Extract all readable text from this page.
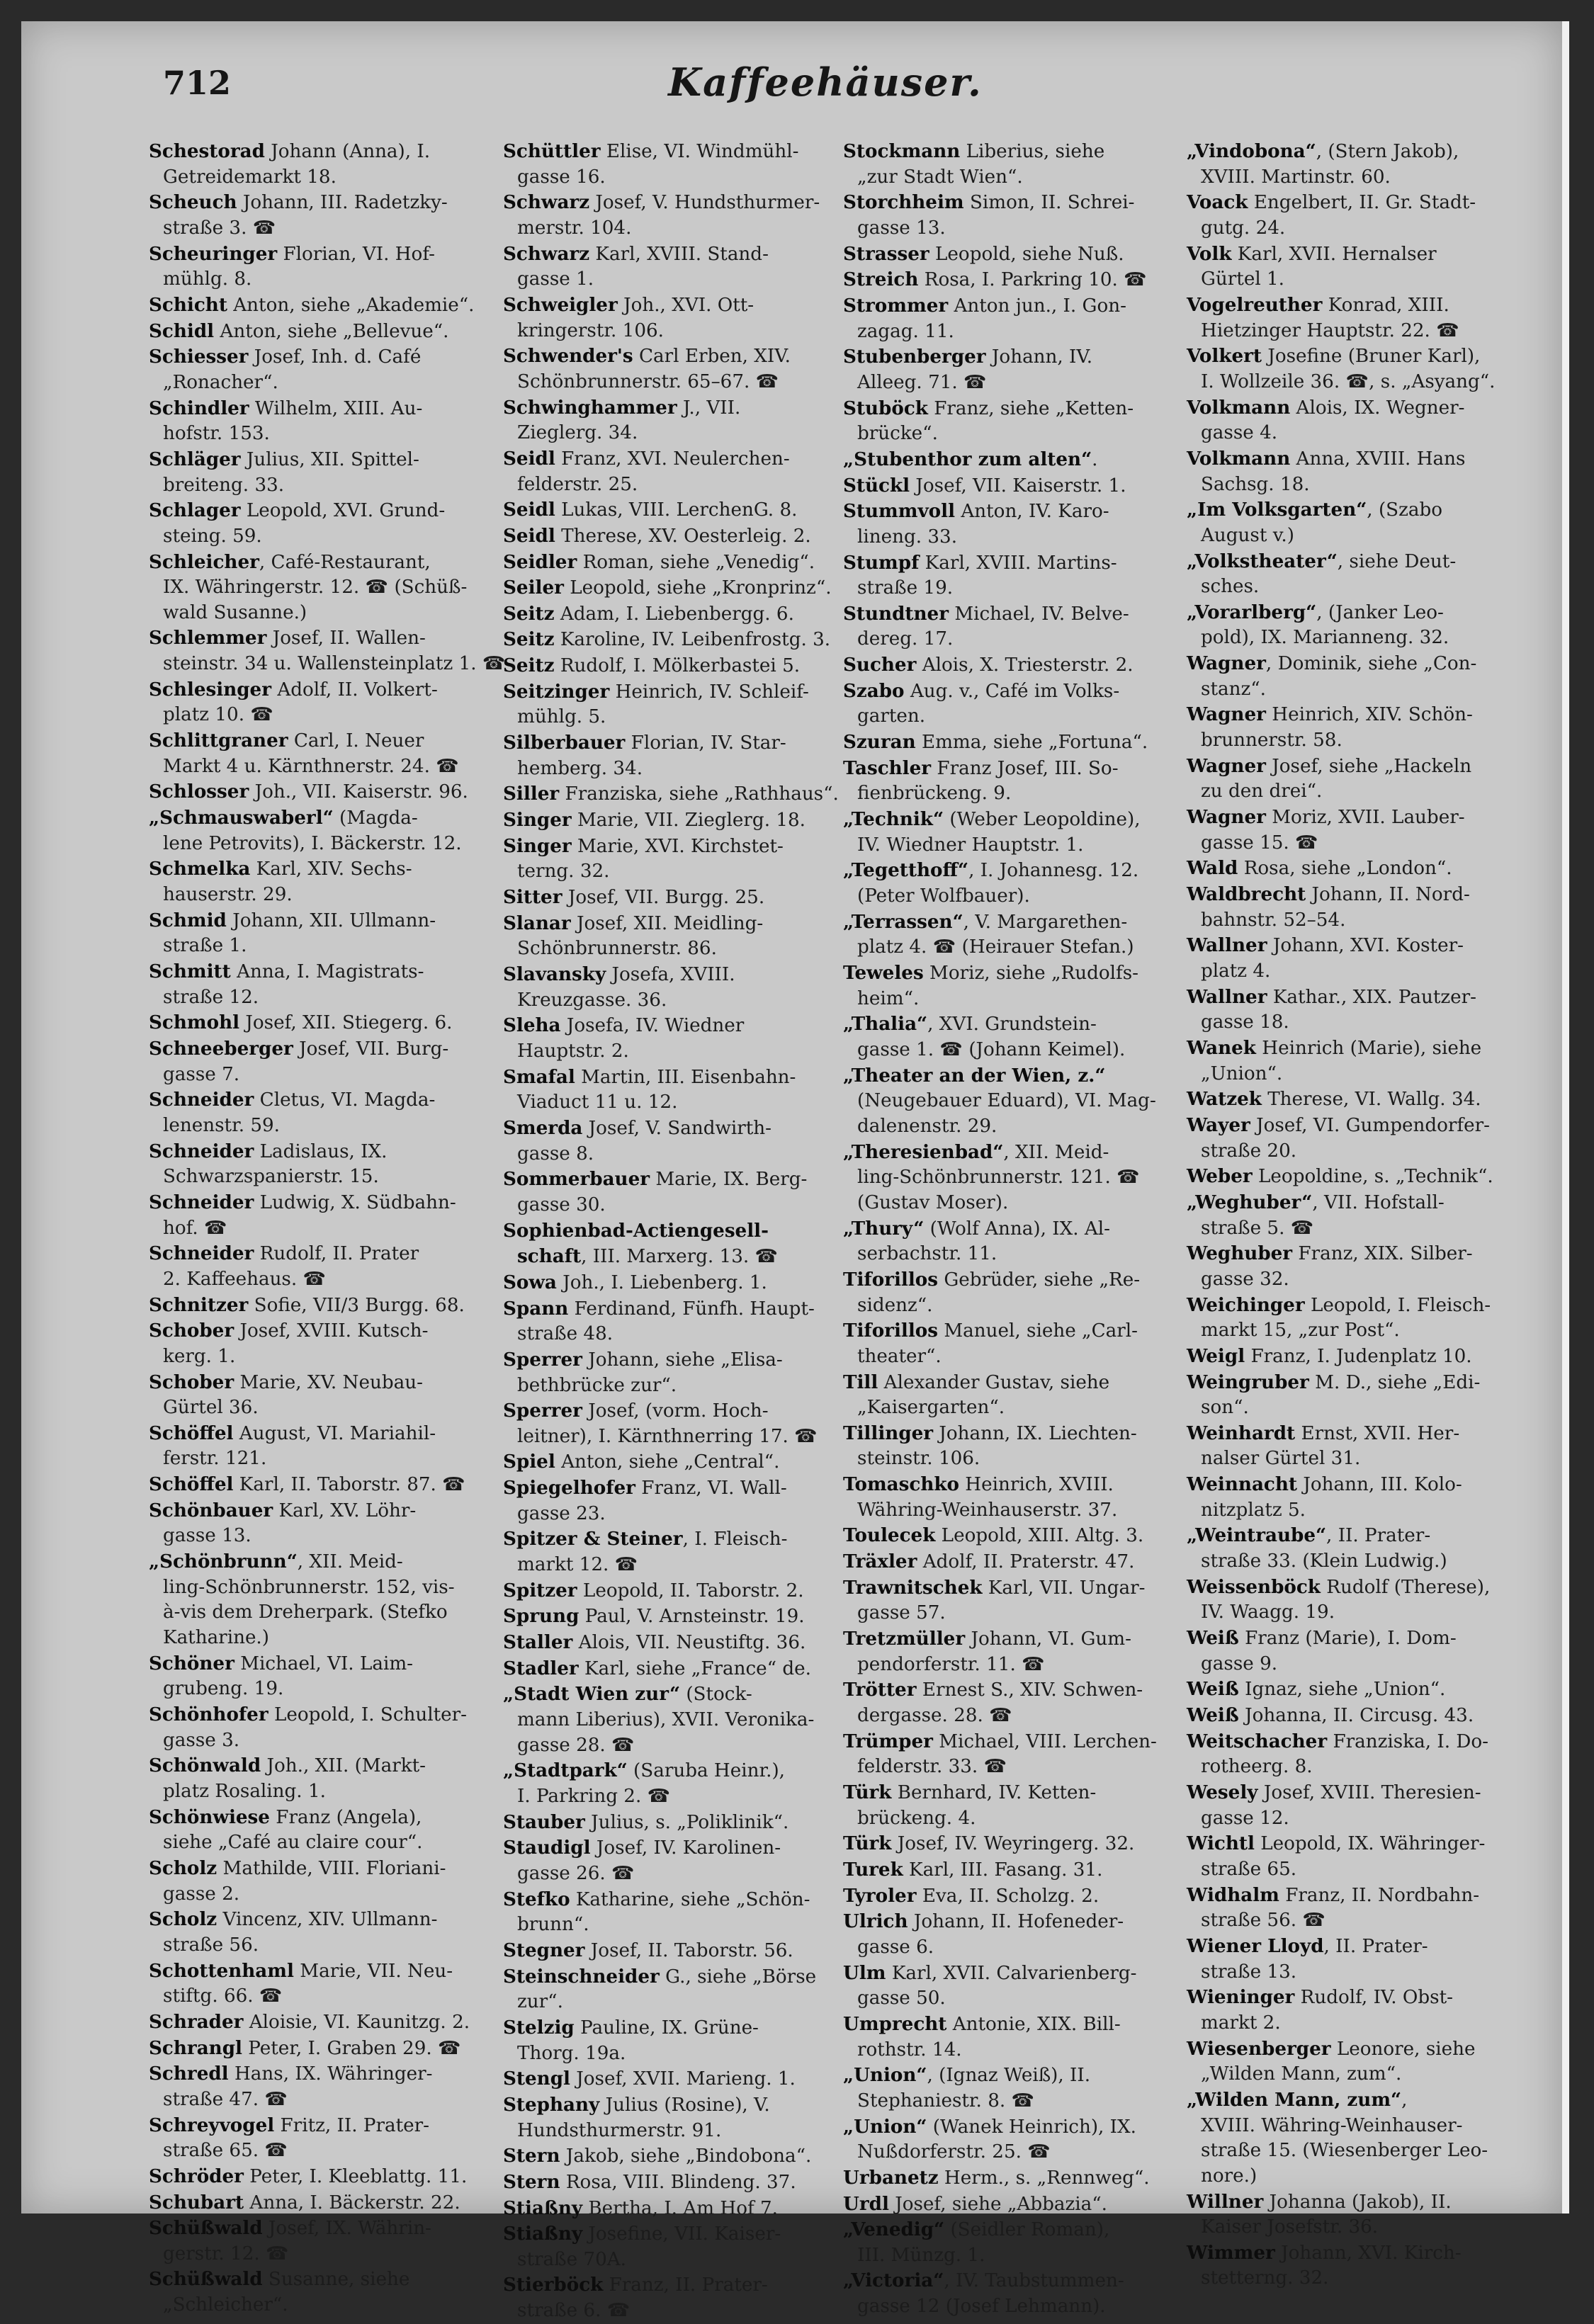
712	Kaffeehäuser.
Schestorad Johann (Anna), I.
Getreidemarkt 18.
Scheuch Johann, III. Radetzky-
straße 3. ☎
Scheuringer Florian, VI. Hof-
mühlg. 8.
Schicht Anton, siehe „Akademie“.
Schidl Anton, siehe „Bellevue“.
Schiesser Josef, Inh. d. Café
„Ronacher“.
Schindler Wilhelm, XIII. Au-
hofstr. 153.
Schläger Julius, XII. Spittel-
breiteng. 33.
Schlager Leopold, XVI. Grund-
steing. 59.
Schleicher, Café-Restaurant,
IX. Währingerstr. 12. ☎ (Schüß-
wald Susanne.)
Schlemmer Josef, II. Wallen-
steinstr. 34 u. Wallensteinplatz 1. ☎
Schlesinger Adolf, II. Volkert-
platz 10. ☎
Schlittgraner Carl, I. Neuer
Markt 4 u. Kärnthnerstr. 24. ☎
Schlosser Joh., VII. Kaiserstr. 96.
„Schmauswaberl“ (Magda-
lene Petrovits), I. Bäckerstr. 12.
Schmelka Karl, XIV. Sechs-
hauserstr. 29.
Schmid Johann, XII. Ullmann-
straße 1.
Schmitt Anna, I. Magistrats-
straße 12.
Schmohl Josef, XII. Stiegerg. 6.
Schneeberger Josef, VII. Burg-
gasse 7.
Schneider Cletus, VI. Magda-
lenenstr. 59.
Schneider Ladislaus, IX.
Schwarzspanierstr. 15.
Schneider Ludwig, X. Südbahn-
hof. ☎
Schneider Rudolf, II. Prater
2. Kaffeehaus. ☎
Schnitzer Sofie, VII/3 Burgg. 68.
Schober Josef, XVIII. Kutsch-
kerg. 1.
Schober Marie, XV. Neubau-
Gürtel 36.
Schöffel August, VI. Mariahil-
ferstr. 121.
Schöffel Karl, II. Taborstr. 87. ☎
Schönbauer Karl, XV. Löhr-
gasse 13.
„Schönbrunn“, XII. Meid-
ling-Schönbrunnerstr. 152, vis-
à-vis dem Dreherpark. (Stefko
Katharine.)
Schöner Michael, VI. Laim-
grubeng. 19.
Schönhofer Leopold, I. Schulter-
gasse 3.
Schönwald Joh., XII. (Markt-
platz Rosaling. 1.
Schönwiese Franz (Angela),
siehe „Café au claire cour“.
Scholz Mathilde, VIII. Floriani-
gasse 2.
Scholz Vincenz, XIV. Ullmann-
straße 56.
Schottenhaml Marie, VII. Neu-
stiftg. 66. ☎
Schrader Aloisie, VI. Kaunitzg. 2.
Schrangl Peter, I. Graben 29. ☎
Schredl Hans, IX. Währinger-
straße 47. ☎
Schreyvogel Fritz, II. Prater-
straße 65. ☎
Schröder Peter, I. Kleeblattg. 11.
Schubart Anna, I. Bäckerstr. 22.
Schüßwald Josef, IX. Währin-
gerstr. 12. ☎
Schüßwald Susanne, siehe
„Schleicher“.
Schüttler Elise, VI. Windmühl-
gasse 16.
Schwarz Josef, V. Hundsthurmer-
merstr. 104.
Schwarz Karl, XVIII. Stand-
gasse 1.
Schweigler Joh., XVI. Ott-
kringerstr. 106.
Schwender's Carl Erben, XIV.
Schönbrunnerstr. 65–67. ☎
Schwinghammer J., VII.
Zieglerg. 34.
Seidl Franz, XVI. Neulerchen-
felderstr. 25.
Seidl Lukas, VIII. LerchenG. 8.
Seidl Therese, XV. Oesterleig. 2.
Seidler Roman, siehe „Venedig“.
Seiler Leopold, siehe „Kronprinz“.
Seitz Adam, I. Liebenbergg. 6.
Seitz Karoline, IV. Leibenfrostg. 3.
Seitz Rudolf, I. Mölkerbastei 5.
Seitzinger Heinrich, IV. Schleif-
mühlg. 5.
Silberbauer Florian, IV. Star-
hemberg. 34.
Siller Franziska, siehe „Rathhaus“.
Singer Marie, VII. Zieglerg. 18.
Singer Marie, XVI. Kirchstet-
terng. 32.
Sitter Josef, VII. Burgg. 25.
Slanar Josef, XII. Meidling-
Schönbrunnerstr. 86.
Slavansky Josefa, XVIII.
Kreuzgasse. 36.
Sleha Josefa, IV. Wiedner
Hauptstr. 2.
Smafal Martin, III. Eisenbahn-
Viaduct 11 u. 12.
Smerda Josef, V. Sandwirth-
gasse 8.
Sommerbauer Marie, IX. Berg-
gasse 30.
Sophienbad-Actiengesell-
schaft, III. Marxerg. 13. ☎
Sowa Joh., I. Liebenberg. 1.
Spann Ferdinand, Fünfh. Haupt-
straße 48.
Sperrer Johann, siehe „Elisa-
bethbrücke zur“.
Sperrer Josef, (vorm. Hoch-
leitner), I. Kärnthnerring 17. ☎
Spiel Anton, siehe „Central“.
Spiegelhofer Franz, VI. Wall-
gasse 23.
Spitzer & Steiner, I. Fleisch-
markt 12. ☎
Spitzer Leopold, II. Taborstr. 2.
Sprung Paul, V. Arnsteinstr. 19.
Staller Alois, VII. Neustiftg. 36.
Stadler Karl, siehe „France“ de.
„Stadt Wien zur“ (Stock-
mann Liberius), XVII. Veronika-
gasse 28. ☎
„Stadtpark“ (Saruba Heinr.),
I. Parkring 2. ☎
Stauber Julius, s. „Poliklinik“.
Staudigl Josef, IV. Karolinen-
gasse 26. ☎
Stefko Katharine, siehe „Schön-
brunn“.
Stegner Josef, II. Taborstr. 56.
Steinschneider G., siehe „Börse
zur“.
Stelzig Pauline, IX. Grüne-
Thorg. 19a.
Stengl Josef, XVII. Marieng. 1.
Stephany Julius (Rosine), V.
Hundsthurmerstr. 91.
Stern Jakob, siehe „Bindobona“.
Stern Rosa, VIII. Blindeng. 37.
Stiaßny Bertha, I. Am Hof 7.
Stiaßny Josefine, VII. Kaiser-
straße 70A.
Stierböck Franz, II. Prater-
straße 6. ☎
Stockmann Liberius, siehe
„zur Stadt Wien“.
Storchheim Simon, II. Schrei-
gasse 13.
Strasser Leopold, siehe Nuß.
Streich Rosa, I. Parkring 10. ☎
Strommer Anton jun., I. Gon-
zagag. 11.
Stubenberger Johann, IV.
Alleeg. 71. ☎
Stuböck Franz, siehe „Ketten-
brücke“.
„Stubenthor zum alten“.
Stückl Josef, VII. Kaiserstr. 1.
Stummvoll Anton, IV. Karo-
lineng. 33.
Stumpf Karl, XVIII. Martins-
straße 19.
Stundtner Michael, IV. Belve-
dereg. 17.
Sucher Alois, X. Triesterstr. 2.
Szabo Aug. v., Café im Volks-
garten.
Szuran Emma, siehe „Fortuna“.
Taschler Franz Josef, III. So-
fienbrückeng. 9.
„Technik“ (Weber Leopoldine),
IV. Wiedner Hauptstr. 1.
„Tegetthoff“, I. Johannesg. 12.
(Peter Wolfbauer).
„Terrassen“, V. Margarethen-
platz 4. ☎ (Heirauer Stefan.)
Teweles Moriz, siehe „Rudolfs-
heim“.
„Thalia“, XVI. Grundstein-
gasse 1. ☎ (Johann Keimel).
„Theater an der Wien, z.“
(Neugebauer Eduard), VI. Mag-
dalenenstr. 29.
„Theresienbad“, XII. Meid-
ling-Schönbrunnerstr. 121. ☎
(Gustav Moser).
„Thury“ (Wolf Anna), IX. Al-
serbachstr. 11.
Tiforillos Gebrüder, siehe „Re-
sidenz“.
Tiforillos Manuel, siehe „Carl-
theater“.
Till Alexander Gustav, siehe
„Kaisergarten“.
Tillinger Johann, IX. Liechten-
steinstr. 106.
Tomaschko Heinrich, XVIII.
Währing-Weinhauserstr. 37.
Toulecek Leopold, XIII. Altg. 3.
Träxler Adolf, II. Praterstr. 47.
Trawnitschek Karl, VII. Ungar-
gasse 57.
Tretzmüller Johann, VI. Gum-
pendorferstr. 11. ☎
Trötter Ernest S., XIV. Schwen-
dergasse. 28. ☎
Trümper Michael, VIII. Lerchen-
felderstr. 33. ☎
Türk Bernhard, IV. Ketten-
brückeng. 4.
Türk Josef, IV. Weyringerg. 32.
Turek Karl, III. Fasang. 31.
Tyroler Eva, II. Scholzg. 2.
Ulrich Johann, II. Hofeneder-
gasse 6.
Ulm Karl, XVII. Calvarienberg-
gasse 50.
Umprecht Antonie, XIX. Bill-
rothstr. 14.
„Union“, (Ignaz Weiß), II.
Stephaniestr. 8. ☎
„Union“ (Wanek Heinrich), IX.
Nußdorferstr. 25. ☎
Urbanetz Herm., s. „Rennweg“.
Urdl Josef, siehe „Abbazia“.
„Venedig“ (Seidler Roman),
III. Münzg. 1.
„Victoria“, IV. Taubstummen-
gasse 12 (Josef Lehmann).
„Vindobona“, (Stern Jakob),
XVIII. Martinstr. 60.
Voack Engelbert, II. Gr. Stadt-
gutg. 24.
Volk Karl, XVII. Hernalser
Gürtel 1.
Vogelreuther Konrad, XIII.
Hietzinger Hauptstr. 22. ☎
Volkert Josefine (Bruner Karl),
I. Wollzeile 36. ☎, s. „Asyang“.
Volkmann Alois, IX. Wegner-
gasse 4.
Volkmann Anna, XVIII. Hans
Sachsg. 18.
„Im Volksgarten“, (Szabo
August v.)
„Volkstheater“, siehe Deut-
sches.
„Vorarlberg“, (Janker Leo-
pold), IX. Marianneng. 32.
Wagner, Dominik, siehe „Con-
stanz“.
Wagner Heinrich, XIV. Schön-
brunnerstr. 58.
Wagner Josef, siehe „Hackeln
zu den drei“.
Wagner Moriz, XVII. Lauber-
gasse 15. ☎
Wald Rosa, siehe „London“.
Waldbrecht Johann, II. Nord-
bahnstr. 52–54.
Wallner Johann, XVI. Koster-
platz 4.
Wallner Kathar., XIX. Pautzer-
gasse 18.
Wanek Heinrich (Marie), siehe
„Union“.
Watzek Therese, VI. Wallg. 34.
Wayer Josef, VI. Gumpendorfer-
straße 20.
Weber Leopoldine, s. „Technik“.
„Weghuber“, VII. Hofstall-
straße 5. ☎
Weghuber Franz, XIX. Silber-
gasse 32.
Weichinger Leopold, I. Fleisch-
markt 15, „zur Post“.
Weigl Franz, I. Judenplatz 10.
Weingruber M. D., siehe „Edi-
son“.
Weinhardt Ernst, XVII. Her-
nalser Gürtel 31.
Weinnacht Johann, III. Kolo-
nitzplatz 5.
„Weintraube“, II. Prater-
straße 33. (Klein Ludwig.)
Weissenböck Rudolf (Therese),
IV. Waagg. 19.
Weiß Franz (Marie), I. Dom-
gasse 9.
Weiß Ignaz, siehe „Union“.
Weiß Johanna, II. Circusg. 43.
Weitschacher Franziska, I. Do-
rotheerg. 8.
Wesely Josef, XVIII. Theresien-
gasse 12.
Wichtl Leopold, IX. Währinger-
straße 65.
Widhalm Franz, II. Nordbahn-
straße 56. ☎
Wiener Lloyd, II. Prater-
straße 13.
Wieninger Rudolf, IV. Obst-
markt 2.
Wiesenberger Leonore, siehe
„Wilden Mann, zum“.
„Wilden Mann, zum“,
XVIII. Währing-Weinhauser-
straße 15. (Wiesenberger Leo-
nore.)
Willner Johanna (Jakob), II.
Kaiser Josefstr. 36.
Wimmer Johann, XVI. Kirch-
stetterng. 32.
